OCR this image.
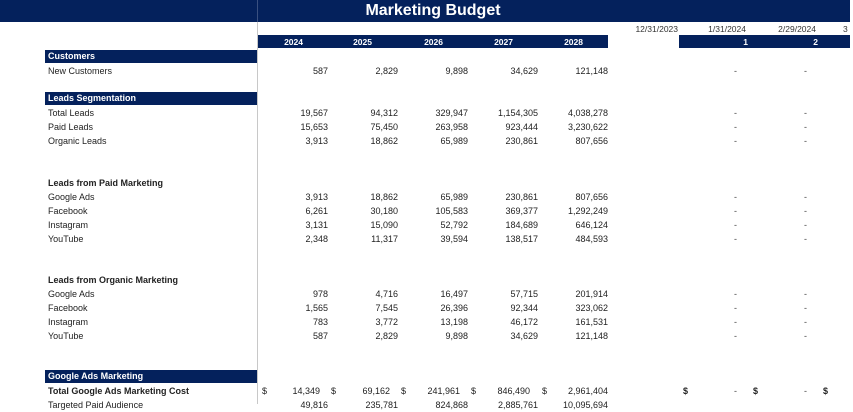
Marketing Budget
12/31/2023	1/31/2024	2/29/2024	3
2024	2025	2026	2027	2028	1	2
Customers
New Customers	587	2,829	9,898	34,629	121,148	-	-
Leads Segmentation
Total Leads	19,567	94,312	329,947	1,154,305	4,038,278	-	-
Paid Leads	15,653	75,450	263,958	923,444	3,230,622	-	-
Organic Leads	3,913	18,862	65,989	230,861	807,656	-	-
Leads from Paid Marketing
Google Ads	3,913	18,862	65,989	230,861	807,656	-	-
Facebook	6,261	30,180	105,583	369,377	1,292,249	-	-
Instagram	3,131	15,090	52,792	184,689	646,124	-	-
YouTube	2,348	11,317	39,594	138,517	484,593	-	-
Leads from Organic Marketing
Google Ads	978	4,716	16,497	57,715	201,914	-	-
Facebook	1,565	7,545	26,396	92,344	323,062	-	-
Instagram	783	3,772	13,198	46,172	161,531	-	-
YouTube	587	2,829	9,898	34,629	121,148	-	-
Google Ads Marketing
Total Google Ads Marketing Cost	$	14,349 $	69,162 $	241,961 $	846,490 $	2,961,404	$	- $	- $
Targeted Paid Audience	49,816	235,781	824,868	2,885,761	10,095,694
